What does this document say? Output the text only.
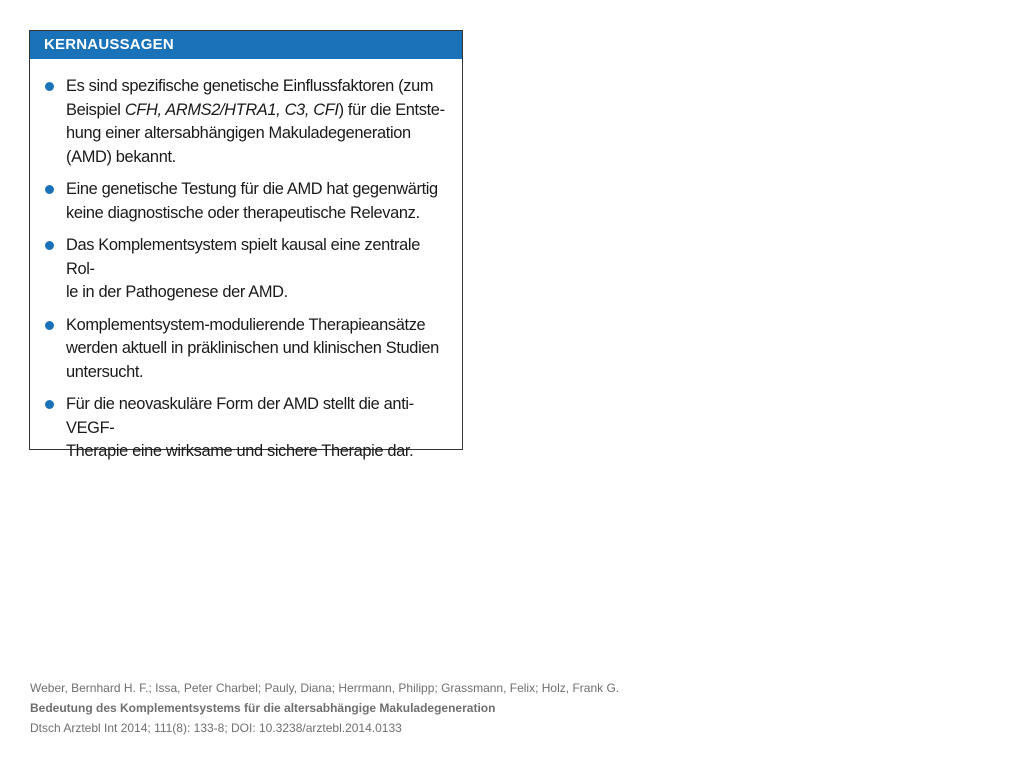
KERNAUSSAGEN
Es sind spezifische genetische Einflussfaktoren (zum
Beispiel CFH, ARMS2/HTRA1, C3, CFI) für die Entste-
hung einer altersabhängigen Makuladegeneration
(AMD) bekannt.
Eine genetische Testung für die AMD hat gegenwärtig
keine diagnostische oder therapeutische Relevanz.
Das Komplementsystem spielt kausal eine zentrale Rol-
le in der Pathogenese der AMD.
Komplementsystem-modulierende Therapieansätze
werden aktuell in präklinischen und klinischen Studien
untersucht.
Für die neovaskuläre Form der AMD stellt die anti-VEGF-
Therapie eine wirksame und sichere Therapie dar.
Weber, Bernhard H. F.; Issa, Peter Charbel; Pauly, Diana; Herrmann, Philipp; Grassmann, Felix; Holz, Frank G.
Bedeutung des Komplementsystems für die altersabhängige Makuladegeneration
Dtsch Arztebl Int 2014; 111(8): 133-8; DOI: 10.3238/arztebl.2014.0133
